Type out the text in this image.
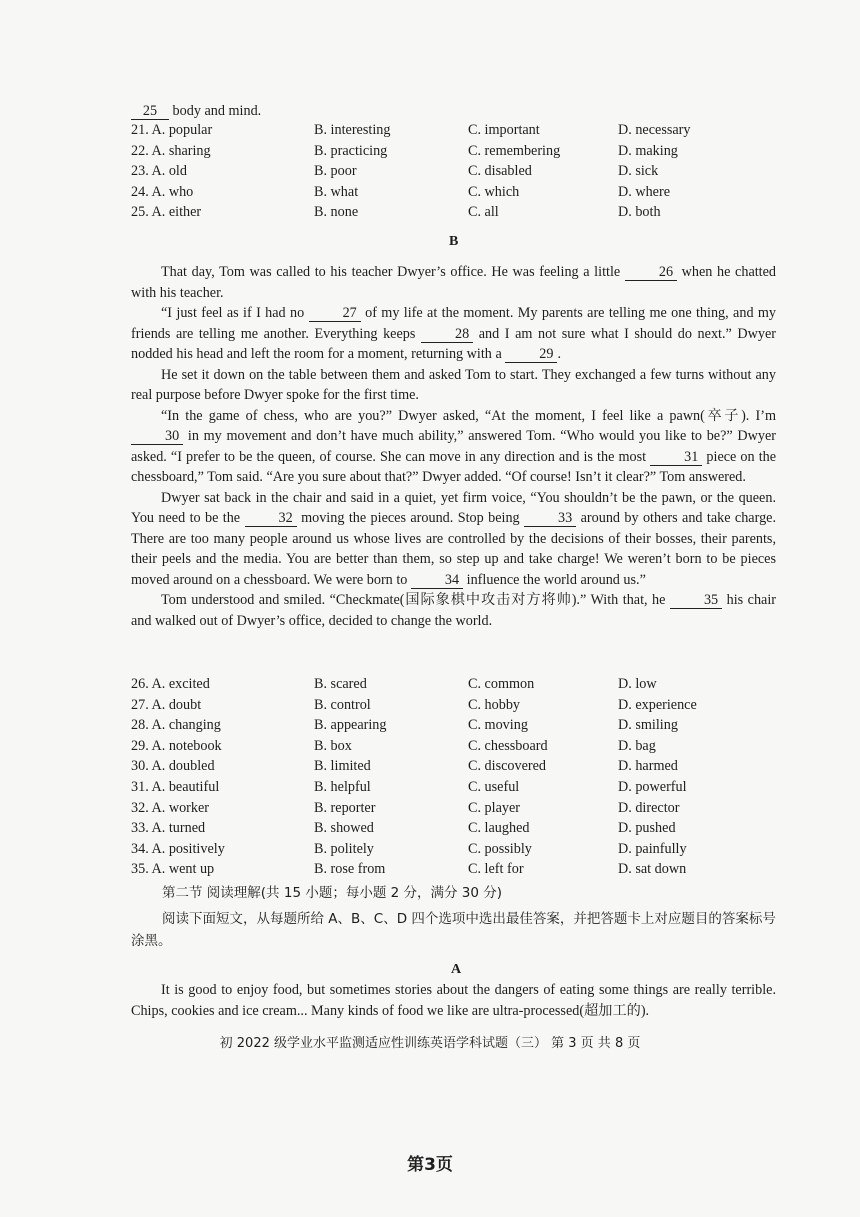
25 body and mind.
21. A. popular	B. interesting	C. important	D. necessary
22. A. sharing	B. practicing	C. remembering	D. making
23. A. old	B. poor	C. disabled	D. sick
24. A. who	B. what	C. which	D. where
25. A. either	B. none	C. all	D. both
B

That day, Tom was called to his teacher Dwyer’s office. He was feeling a little	26 when he chatted with his teacher.

“I just feel as if I had no	27 of my life at the moment. My parents are telling me one thing, and my friends are telling me another. Everything keeps	28 and I am not sure what I should do next.” Dwyer nodded his head and left the room for a moment, returning with a	29 .

He set it down on the table between them and asked Tom to start. They exchanged a few turns without any real purpose before Dwyer spoke for the first time.

“In the game of chess, who are you?” Dwyer asked, “At the moment, I feel like a pawn(卒子). I’m 30 in my movement and don’t have much ability,” answered Tom. “Who would you like to be?” Dwyer asked. “I prefer to be the queen, of course. She can move in any direction and is the most	31 piece on the chessboard,” Tom said. “Are you sure about that?” Dwyer added. “Of course! Isn’t it clear?” Tom answered.

Dwyer sat back in the chair and said in a quiet, yet firm voice, “You shouldn’t be the pawn, or the queen. You need to be the	32 moving the pieces around. Stop being	33 around by others and take charge. There are too many people around us whose lives are controlled by the decisions of their bosses, their parents, their peels and the media. You are better than them, so step up and take charge! We weren’t born to be pieces moved around on a chessboard. We were born to	34 influence the world around us.”

Tom understood and smiled. “Checkmate(国际象棋中攻击对方将帅).” With that, he	35 his chair and walked out of Dwyer’s office, decided to change the world.

26. A. excited	B. scared	C. common	D. low
27. A. doubt	B. control	C. hobby	D. experience
28. A. changing	B. appearing	C. moving	D. smiling
29. A. notebook	B. box	C. chessboard	D. bag
30. A. doubled	B. limited	C. discovered	D. harmed
31. A. beautiful	B. helpful	C. useful	D. powerful
32. A. worker	B. reporter	C. player	D. director
33. A. turned	B. showed	C. laughed	D. pushed
34. A. positively	B. politely	C. possibly	D. painfully
35. A. went up	B. rose from	C. left for	D. sat down
第二节 阅读理解(共 15 小题；每小题 2 分，满分 30 分)
阅读下面短文，从每题所给 A、B、C、D 四个选项中选出最佳答案，并把答题卡上对应题目的答案标号涂黑。
A

It is good to enjoy food, but sometimes stories about the dangers of eating some things are really terrible. Chips, cookies and ice cream... Many kinds of food we like are ultra-processed(超加工的).

初 2022 级学业水平监测适应性训练英语学科试题（三） 第 3 页 共 8 页
第3页
